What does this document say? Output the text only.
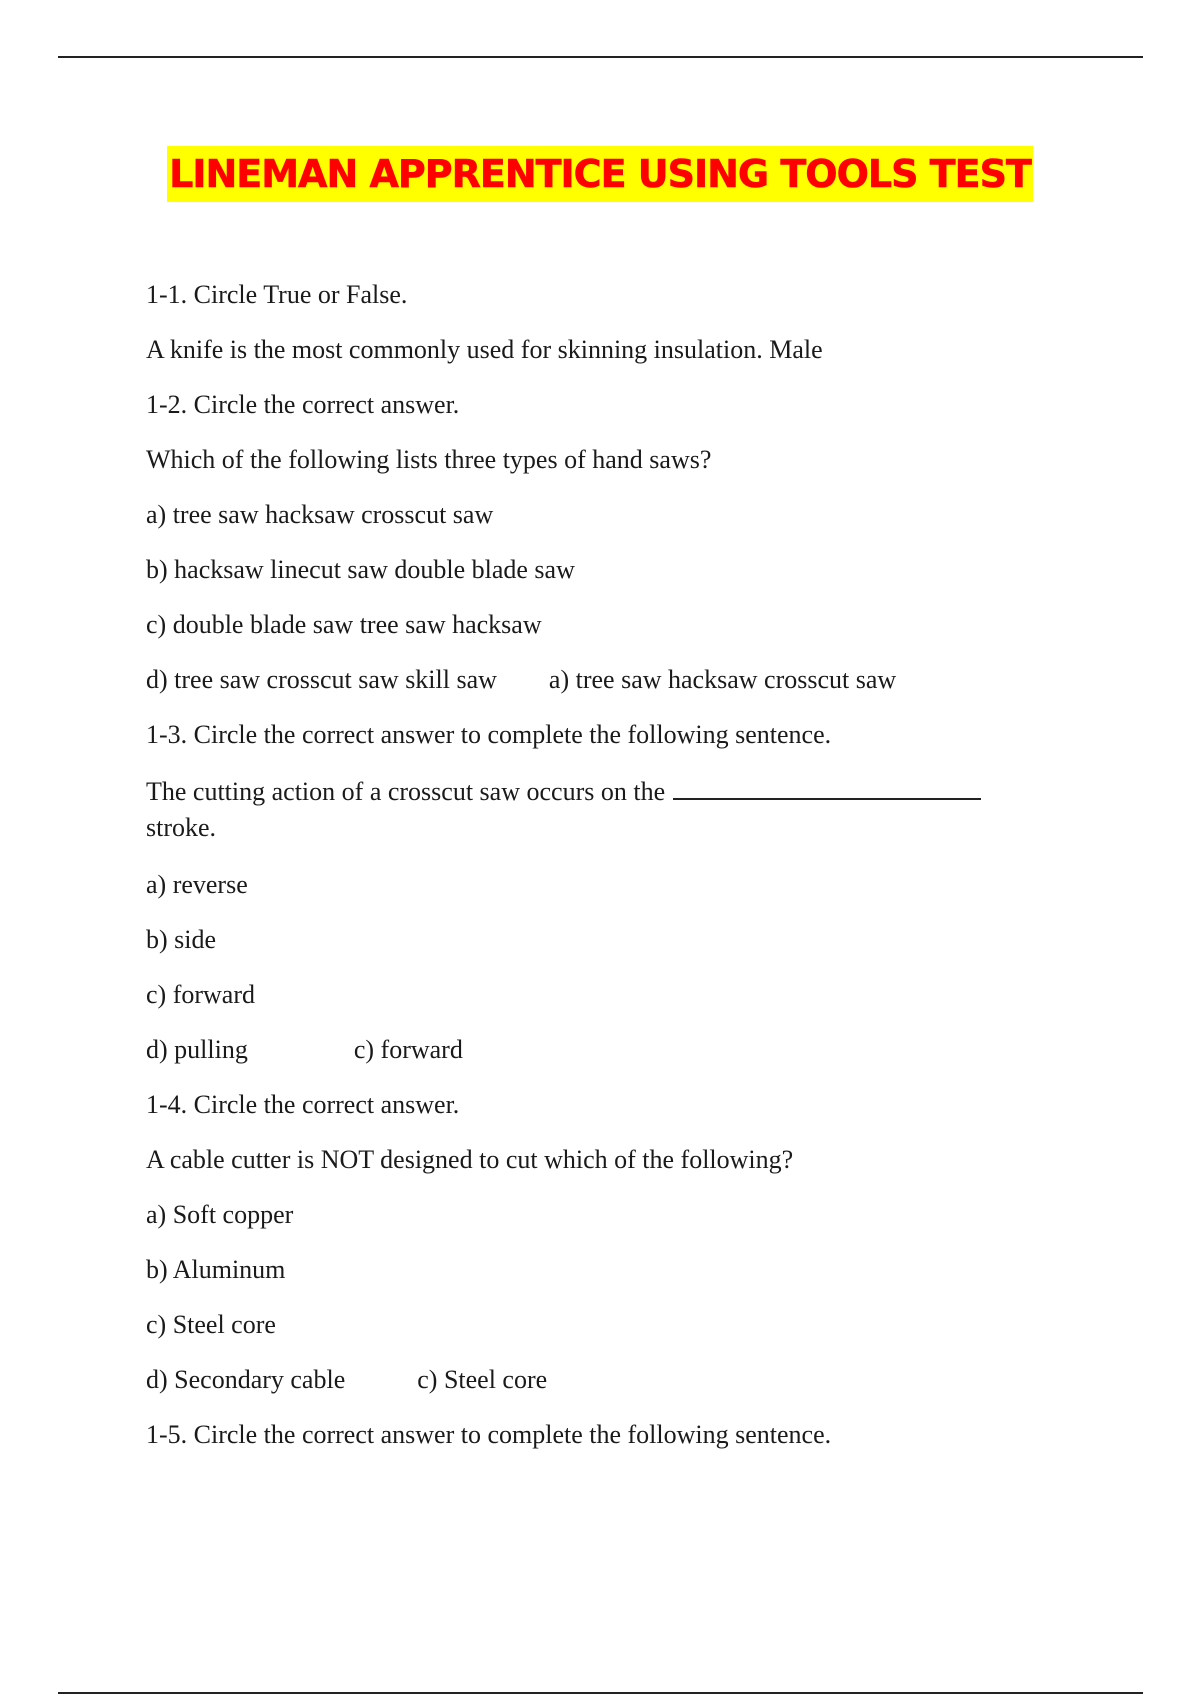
LINEMAN APPRENTICE USING TOOLS TEST
1-1. Circle True or False.
A knife is the most commonly used for skinning insulation. Male
1-2. Circle the correct answer.
Which of the following lists three types of hand saws?
a) tree saw hacksaw crosscut saw
b) hacksaw linecut saw double blade saw
c) double blade saw tree saw hacksaw
d) tree saw crosscut saw skill saw a) tree saw hacksaw crosscut saw
1-3. Circle the correct answer to complete the following sentence.
The cutting action of a crosscut saw occurs on the
stroke.
a) reverse
b) side
c) forward
d) pulling	c) forward
1-4. Circle the correct answer.
A cable cutter is NOT designed to cut which of the following?
a) Soft copper
b) Aluminum
c) Steel core
d) Secondary cable	c) Steel core
1-5. Circle the correct answer to complete the following sentence.
